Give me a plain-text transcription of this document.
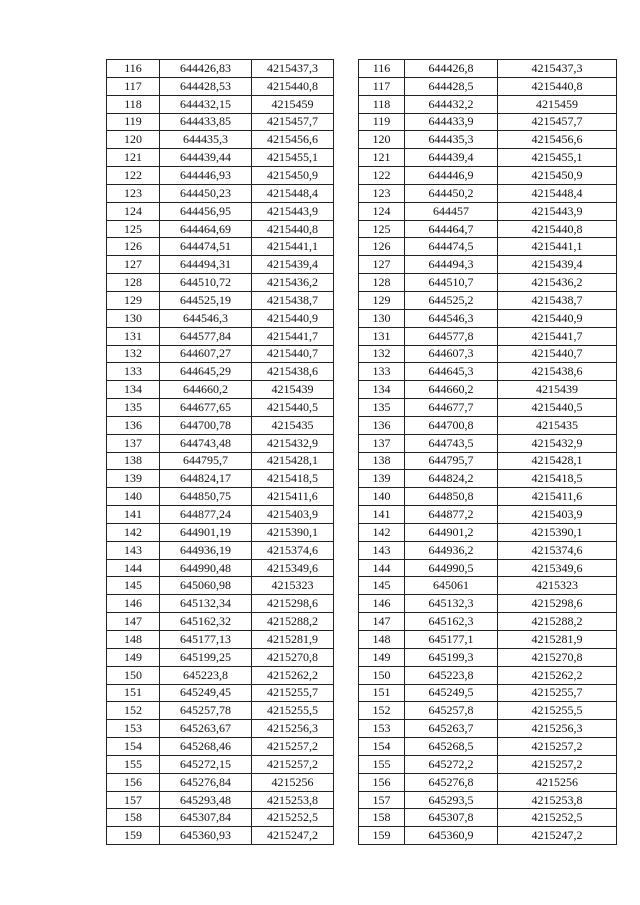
116	644426,83	4215437,3
117	644428,53	4215440,8
118	644432,15	4215459
119	644433,85	4215457,7
120	644435,3	4215456,6
121	644439,44	4215455,1
122	644446,93	4215450,9
123	644450,23	4215448,4
124	644456,95	4215443,9
125	644464,69	4215440,8
126	644474,51	4215441,1
127	644494,31	4215439,4
128	644510,72	4215436,2
129	644525,19	4215438,7
130	644546,3	4215440,9
131	644577,84	4215441,7
132	644607,27	4215440,7
133	644645,29	4215438,6
134	644660,2	4215439
135	644677,65	4215440,5
136	644700,78	4215435
137	644743,48	4215432,9
138	644795,7	4215428,1
139	644824,17	4215418,5
140	644850,75	4215411,6
141	644877,24	4215403,9
142	644901,19	4215390,1
143	644936,19	4215374,6
144	644990,48	4215349,6
145	645060,98	4215323
146	645132,34	4215298,6
147	645162,32	4215288,2
148	645177,13	4215281,9
149	645199,25	4215270,8
150	645223,8	4215262,2
151	645249,45	4215255,7
152	645257,78	4215255,5
153	645263,67	4215256,3
154	645268,46	4215257,2
155	645272,15	4215257,2
156	645276,84	4215256
157	645293,48	4215253,8
158	645307,84	4215252,5
159	645360,93	4215247,2
116	644426,8	4215437,3
117	644428,5	4215440,8
118	644432,2	4215459
119	644433,9	4215457,7
120	644435,3	4215456,6
121	644439,4	4215455,1
122	644446,9	4215450,9
123	644450,2	4215448,4
124	644457	4215443,9
125	644464,7	4215440,8
126	644474,5	4215441,1
127	644494,3	4215439,4
128	644510,7	4215436,2
129	644525,2	4215438,7
130	644546,3	4215440,9
131	644577,8	4215441,7
132	644607,3	4215440,7
133	644645,3	4215438,6
134	644660,2	4215439
135	644677,7	4215440,5
136	644700,8	4215435
137	644743,5	4215432,9
138	644795,7	4215428,1
139	644824,2	4215418,5
140	644850,8	4215411,6
141	644877,2	4215403,9
142	644901,2	4215390,1
143	644936,2	4215374,6
144	644990,5	4215349,6
145	645061	4215323
146	645132,3	4215298,6
147	645162,3	4215288,2
148	645177,1	4215281,9
149	645199,3	4215270,8
150	645223,8	4215262,2
151	645249,5	4215255,7
152	645257,8	4215255,5
153	645263,7	4215256,3
154	645268,5	4215257,2
155	645272,2	4215257,2
156	645276,8	4215256
157	645293,5	4215253,8
158	645307,8	4215252,5
159	645360,9	4215247,2
